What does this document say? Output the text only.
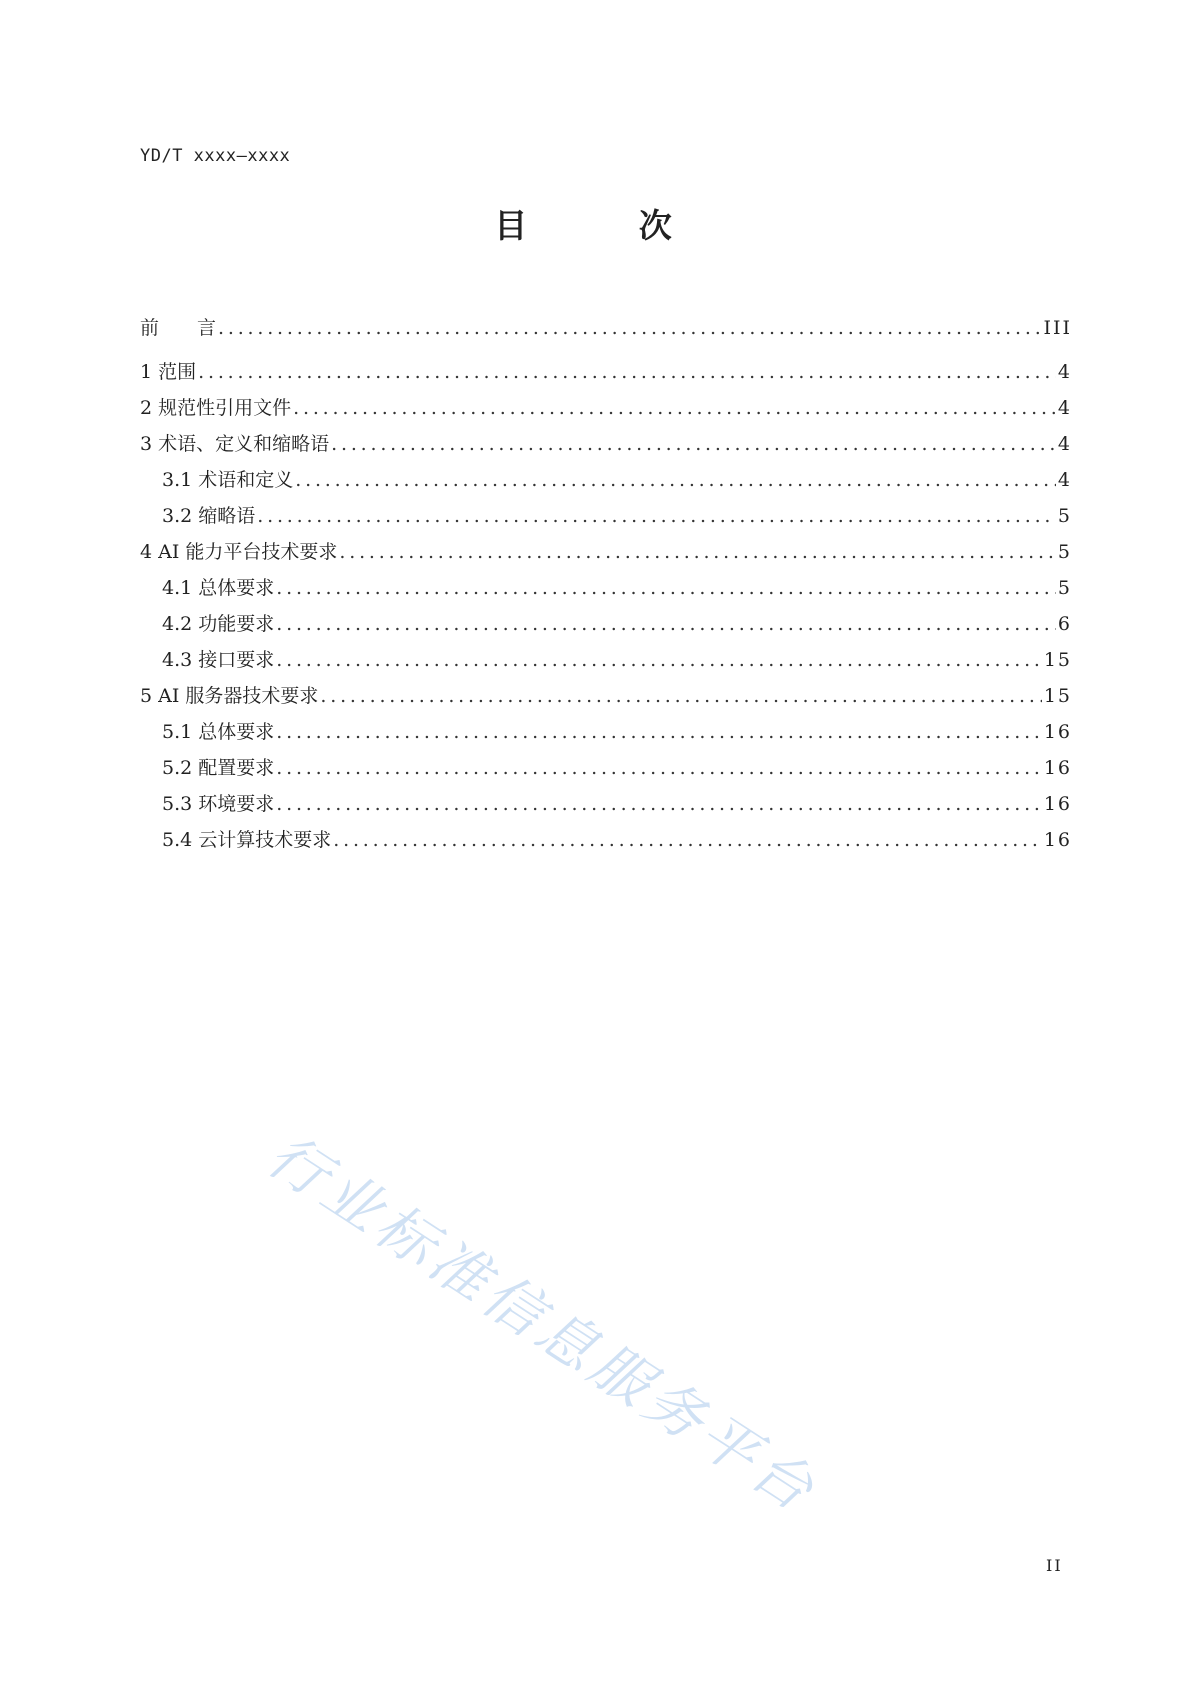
YD/T xxxx—xxxx
目 次
前　　言 .....	III
1 范围 .....	4
2 规范性引用文件 .....	4
3 术语、定义和缩略语 .....	4
3.1 术语和定义 .....	4
3.2 缩略语 .....	5
4 AI 能力平台技术要求 .....	5
4.1 总体要求 .....	5
4.2 功能要求 .....	6
4.3 接口要求 .....	15
5 AI 服务器技术要求 .....	15
5.1 总体要求 .....	16
5.2 配置要求 .....	16
5.3 环境要求 .....	16
5.4 云计算技术要求 .....	16
行业标准信息服务平台
II
